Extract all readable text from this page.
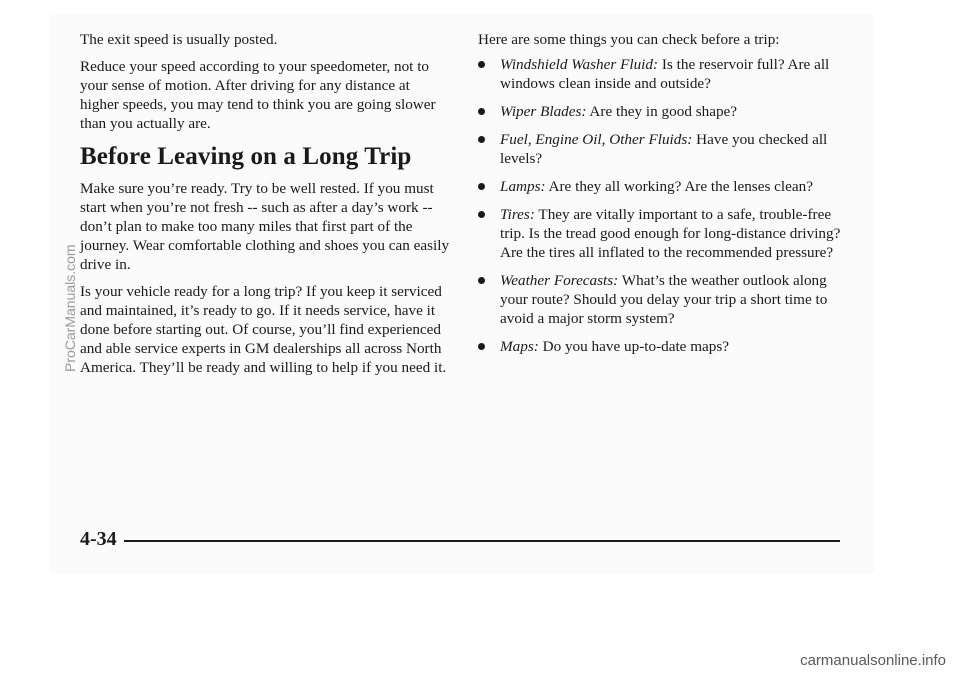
The exit speed is usually posted.

Reduce your speed according to your speedometer, not to your sense of motion. After driving for any distance at higher speeds, you may tend to think you are going slower than you actually are.

Before Leaving on a Long Trip

Make sure you’re ready. Try to be well rested. If you must start when you’re not fresh -- such as after a day’s work -- don’t plan to make too many miles that first part of the journey. Wear comfortable clothing and shoes you can easily drive in.

Is your vehicle ready for a long trip? If you keep it serviced and maintained, it’s ready to go. If it needs service, have it done before starting out. Of course, you’ll find experienced and able service experts in GM dealerships all across North America. They’ll be ready and willing to help if you need it.

Here are some things you can check before a trip:

Windshield Washer Fluid: Is the reservoir full? Are all windows clean inside and outside?
Wiper Blades: Are they in good shape?
Fuel, Engine Oil, Other Fluids: Have you checked all levels?
Lamps: Are they all working? Are the lenses clean?
Tires: They are vitally important to a safe, trouble-free trip. Is the tread good enough for long-distance driving? Are the tires all inflated to the recommended pressure?
Weather Forecasts: What’s the weather outlook along your route? Should you delay your trip a short time to avoid a major storm system?
Maps: Do you have up-to-date maps?
4-34
carmanualsonline.info
